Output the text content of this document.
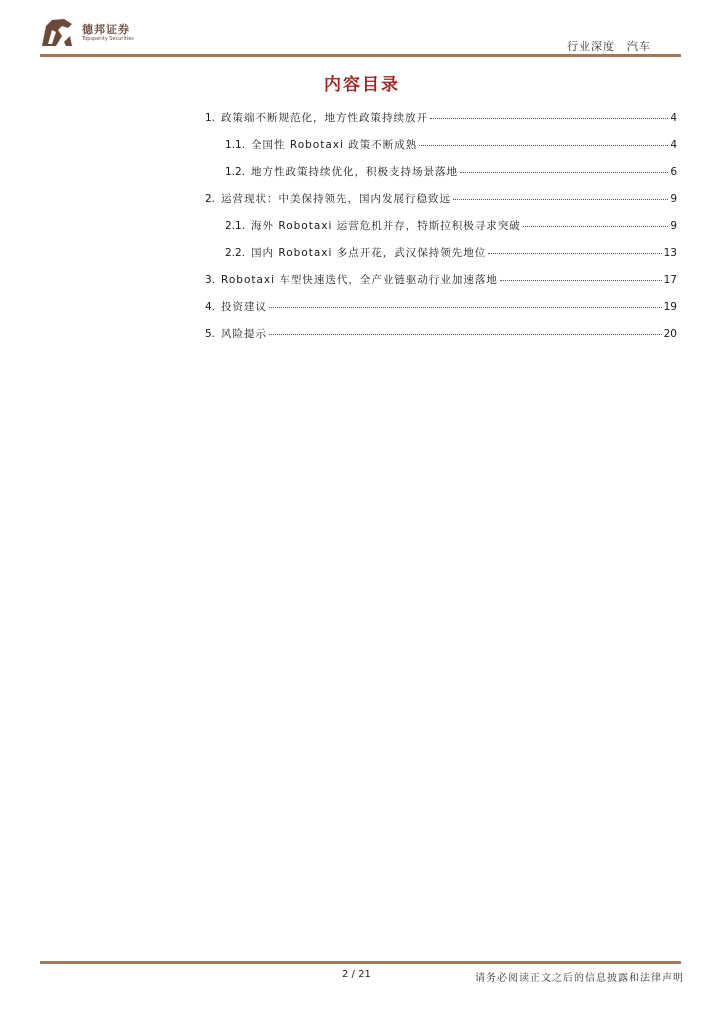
德邦证券
Topsperity Securities
行业深度　汽车
内容目录
1. 政策端不断规范化，地方性政策持续放开	4
1.1. 全国性 Robotaxi 政策不断成熟	4
1.2. 地方性政策持续优化，积极支持场景落地	6
2. 运营现状：中美保持领先，国内发展行稳致远	9
2.1. 海外 Robotaxi 运营危机并存，特斯拉积极寻求突破	9
2.2. 国内 Robotaxi 多点开花，武汉保持领先地位	13
3. Robotaxi 车型快速迭代，全产业链驱动行业加速落地	17
4. 投资建议	19
5. 风险提示	20
2 / 21	请务必阅读正文之后的信息披露和法律声明
